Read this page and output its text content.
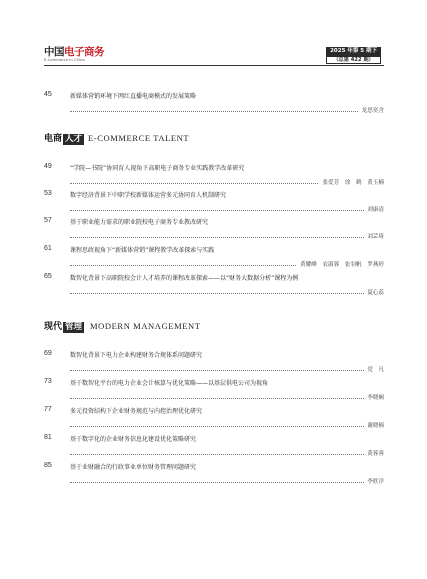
中国电子商务
E-Commerce in China
2025 年第 5 期下
（总第 422 期）
45	新媒体营销环境下网红直播电商模式的发展策略
龙思奕含
电商 人才 E-COMMERCE TALENT
49	“学院—书院”协同育人视角下高职电子商务专业实践教学改革研究
张爱芳　徐　鹤　黄玉楠
53	数字经济背景下中职学校新媒体运营多元协同育人机制研究
刘康清
57	基于职业能力需求的职业院校电子商务专业教改研究
刘芸琦
61	课程思政视角下“新媒体营销”课程教学改革探索与实践
黄耀峰　农淑蓉　张羽帆　罗燕婷
65	数智化背景下高职院校会计人才培养的课程改革探索——以“财务大数据分析”课程为例
夏心蕊
现代 管理 MODERN MANAGEMENT
69	数智化背景下电力企业构建财务合规体系问题研究
党　凡
73	基于数智化平台的电力企业会计核算与优化策略——以基层供电公司为视角
李晓娴
77	多元投资结构下企业财务规范与内控治理优化研究
谢晓楠
81	基于数字化的企业财务信息化建设优化策略研究
黄蓉蓉
85	基于业财融合的行政事业单位财务管理问题研究
李欣洋
